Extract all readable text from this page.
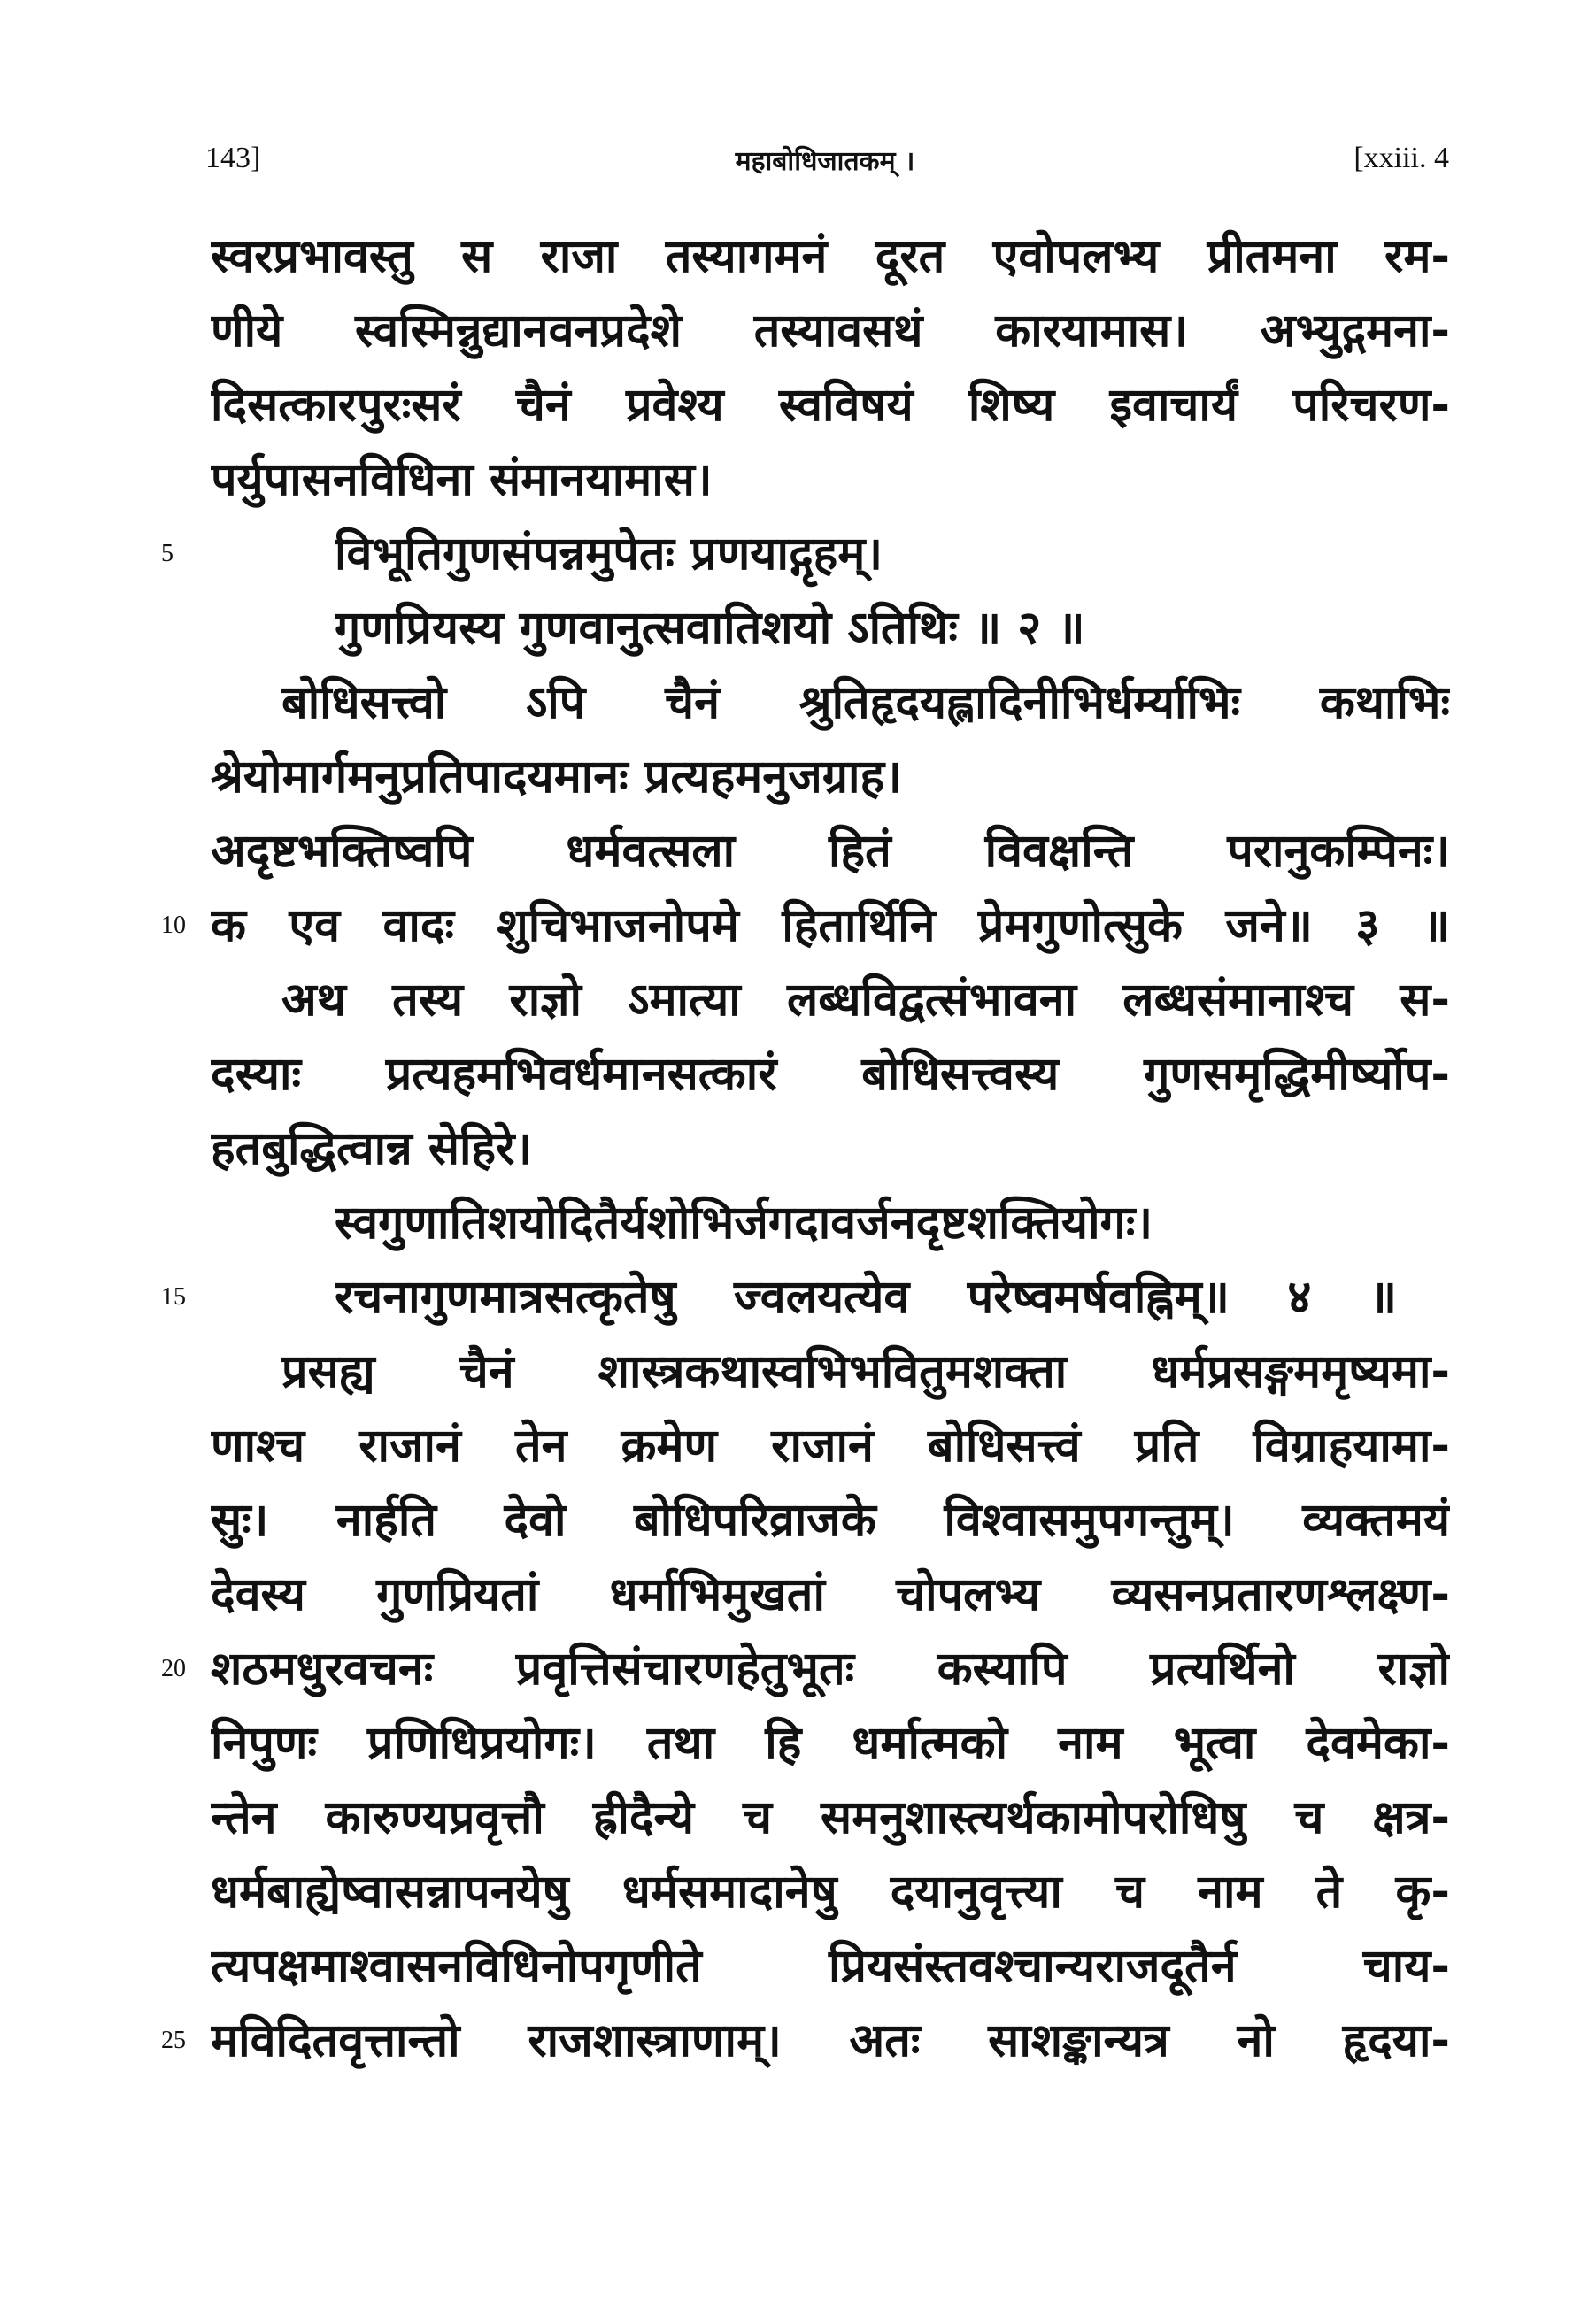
143]	महाबोधिजातकम् ।	[xxiii. 4
स्वरप्रभावस्तु स राजा तस्यागमनं दूरत एवोपलभ्य प्रीतमना रम-
णीये स्वस्मिन्नुद्यानवनप्रदेशे तस्यावसथं कारयामास। अभ्युद्गमना-
दिसत्कारपुरःसरं चैनं प्रवेश्य स्वविषयं शिष्य इवाचार्यं परिचरण-
पर्युपासनविधिना संमानयामास।
5	विभूतिगुणसंपन्नमुपेतः प्रणयाद्गृहम्।
गुणप्रियस्य गुणवानुत्सवातिशयो ऽतिथिः ॥ २ ॥
बोधिसत्त्वो ऽपि चैनं श्रुतिहृदयह्लादिनीभिर्धर्म्याभिः कथाभिः
श्रेयोमार्गमनुप्रतिपादयमानः प्रत्यहमनुजग्राह।
अदृष्टभक्तिष्वपि धर्मवत्सला हितं विवक्षन्ति परानुकम्पिनः।
10 क एव वादः शुचिभाजनोपमे हितार्थिनि प्रेमगुणोत्सुके जने॥ ३ ॥
अथ तस्य राज्ञो ऽमात्या लब्धविद्वत्संभावना लब्धसंमानाश्च स-
दस्याः प्रत्यहमभिवर्धमानसत्कारं बोधिसत्त्वस्य गुणसमृद्धिमीर्ष्योप-
हतबुद्धित्वान्न सेहिरे।
स्वगुणातिशयोदितैर्यशोभिर्जगदावर्जनदृष्टशक्तियोगः।
15	रचनागुणमात्रसत्कृतेषु ज्वलयत्येव परेष्वमर्षवह्निम्॥ ४ ॥
प्रसह्य चैनं शास्त्रकथास्वभिभवितुमशक्ता धर्मप्रसङ्गममृष्यमा-
णाश्च राजानं तेन क्रमेण राजानं बोधिसत्त्वं प्रति विग्राहयामा-
सुः। नार्हति देवो बोधिपरिव्राजके विश्वासमुपगन्तुम्। व्यक्तमयं
देवस्य गुणप्रियतां धर्माभिमुखतां चोपलभ्य व्यसनप्रतारणश्लक्ष्ण-
20 शठमधुरवचनः प्रवृत्तिसंचारणहेतुभूतः कस्यापि प्रत्यर्थिनो राज्ञो
निपुणः प्रणिधिप्रयोगः। तथा हि धर्मात्मको नाम भूत्वा देवमेका-
न्तेन कारुण्यप्रवृत्तौ ह्रीदैन्ये च समनुशास्त्यर्थकामोपरोधिषु च क्षत्र-
धर्मबाह्येष्वासन्नापनयेषु धर्मसमादानेषु दयानुवृत्त्या च नाम ते कृ-
त्यपक्षमाश्वासनविधिनोपगृणीते प्रियसंस्तवश्चान्यराजदूतैर्न चाय-
25 मविदितवृत्तान्तो राजशास्त्राणाम्। अतः साशङ्कान्यत्र नो हृदया-
